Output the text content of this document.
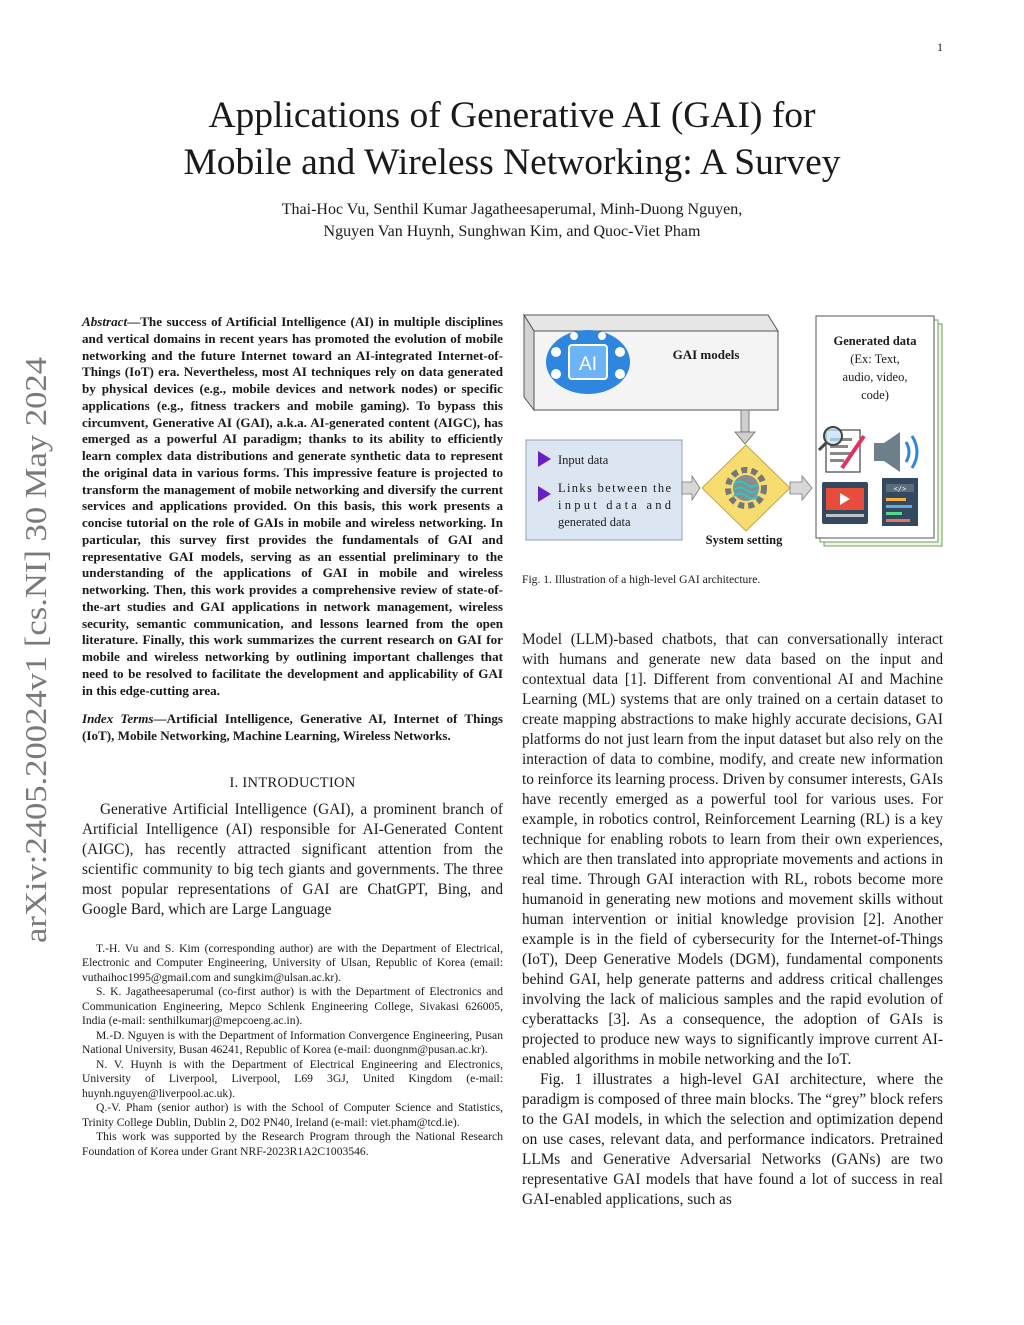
1
Applications of Generative AI (GAI) for
Mobile and Wireless Networking: A Survey
Thai-Hoc Vu, Senthil Kumar Jagatheesaperumal, Minh-Duong Nguyen,
Nguyen Van Huynh, Sunghwan Kim, and Quoc-Viet Pham
arXiv:2405.20024v1 [cs.NI] 30 May 2024

Abstract—The success of Artificial Intelligence (AI) in multiple disciplines and vertical domains in recent years has promoted the evolution of mobile networking and the future Internet toward an AI-integrated Internet-of-Things (IoT) era. Nevertheless, most AI techniques rely on data generated by physical devices (e.g., mobile devices and network nodes) or specific applications (e.g., fitness trackers and mobile gaming). To bypass this circumvent, Generative AI (GAI), a.k.a. AI-generated content (AIGC), has emerged as a powerful AI paradigm; thanks to its ability to efficiently learn complex data distributions and generate synthetic data to represent the original data in various forms. This impressive feature is projected to transform the management of mobile networking and diversify the current services and applications provided. On this basis, this work presents a concise tutorial on the role of GAIs in mobile and wireless networking. In particular, this survey first provides the fundamentals of GAI and representative GAI models, serving as an essential preliminary to the understanding of the applications of GAI in mobile and wireless networking. Then, this work provides a comprehensive review of state-of-the-art studies and GAI applications in network management, wireless security, semantic communication, and lessons learned from the open literature. Finally, this work summarizes the current research on GAI for mobile and wireless networking by outlining important challenges that need to be resolved to facilitate the development and applicability of GAI in this edge-cutting area.

Index Terms—Artificial Intelligence, Generative AI, Internet of Things (IoT), Mobile Networking, Machine Learning, Wireless Networks.

I. INTRODUCTION

Generative Artificial Intelligence (GAI), a prominent branch of Artificial Intelligence (AI) responsible for AI-Generated Content (AIGC), has recently attracted significant attention from the scientific community to big tech giants and governments. The three most popular representations of GAI are ChatGPT, Bing, and Google Bard, which are Large Language

T.-H. Vu and S. Kim (corresponding author) are with the Department of Electrical, Electronic and Computer Engineering, University of Ulsan, Republic of Korea (email: vuthaihoc1995@gmail.com and sungkim@ulsan.ac.kr).

S. K. Jagatheesaperumal (co-first author) is with the Department of Electronics and Communication Engineering, Mepco Schlenk Engineering College, Sivakasi 626005, India (e-mail: senthilkumarj@mepcoeng.ac.in).

M.-D. Nguyen is with the Department of Information Convergence Engineering, Pusan National University, Busan 46241, Republic of Korea (e-mail: duongnm@pusan.ac.kr).

N. V. Huynh is with the Department of Electrical Engineering and Electronics, University of Liverpool, Liverpool, L69 3GJ, United Kingdom (e-mail: huynh.nguyen@liverpool.ac.uk).

Q.-V. Pham (senior author) is with the School of Computer Science and Statistics, Trinity College Dublin, Dublin 2, D02 PN40, Ireland (e-mail: viet.pham@tcd.ie).

This work was supported by the Research Program through the National Research Foundation of Korea under Grant NRF-2023R1A2C1003546.

AI	GAI models
Input data
Links between the
input data and
generated data
System setting
Generated data
(Ex: Text,
audio, video,
code)
</>
Fig. 1. Illustration of a high-level GAI architecture.

Model (LLM)-based chatbots, that can conversationally interact with humans and generate new data based on the input and contextual data [1]. Different from conventional AI and Machine Learning (ML) systems that are only trained on a certain dataset to create mapping abstractions to make highly accurate decisions, GAI platforms do not just learn from the input dataset but also rely on the interaction of data to combine, modify, and create new information to reinforce its learning process. Driven by consumer interests, GAIs have recently emerged as a powerful tool for various uses. For example, in robotics control, Reinforcement Learning (RL) is a key technique for enabling robots to learn from their own experiences, which are then translated into appropriate movements and actions in real time. Through GAI interaction with RL, robots become more humanoid in generating new motions and movement skills without human intervention or initial knowledge provision [2]. Another example is in the field of cybersecurity for the Internet-of-Things (IoT), Deep Generative Models (DGM), fundamental components behind GAI, help generate patterns and address critical challenges involving the lack of malicious samples and the rapid evolution of cyberattacks [3]. As a consequence, the adoption of GAIs is projected to produce new ways to significantly improve current AI-enabled algorithms in mobile networking and the IoT.

Fig. 1 illustrates a high-level GAI architecture, where the paradigm is composed of three main blocks. The “grey” block refers to the GAI models, in which the selection and optimization depend on use cases, relevant data, and performance indicators. Pretrained LLMs and Generative Adversarial Networks (GANs) are two representative GAI models that have found a lot of success in real GAI-enabled applications, such as
